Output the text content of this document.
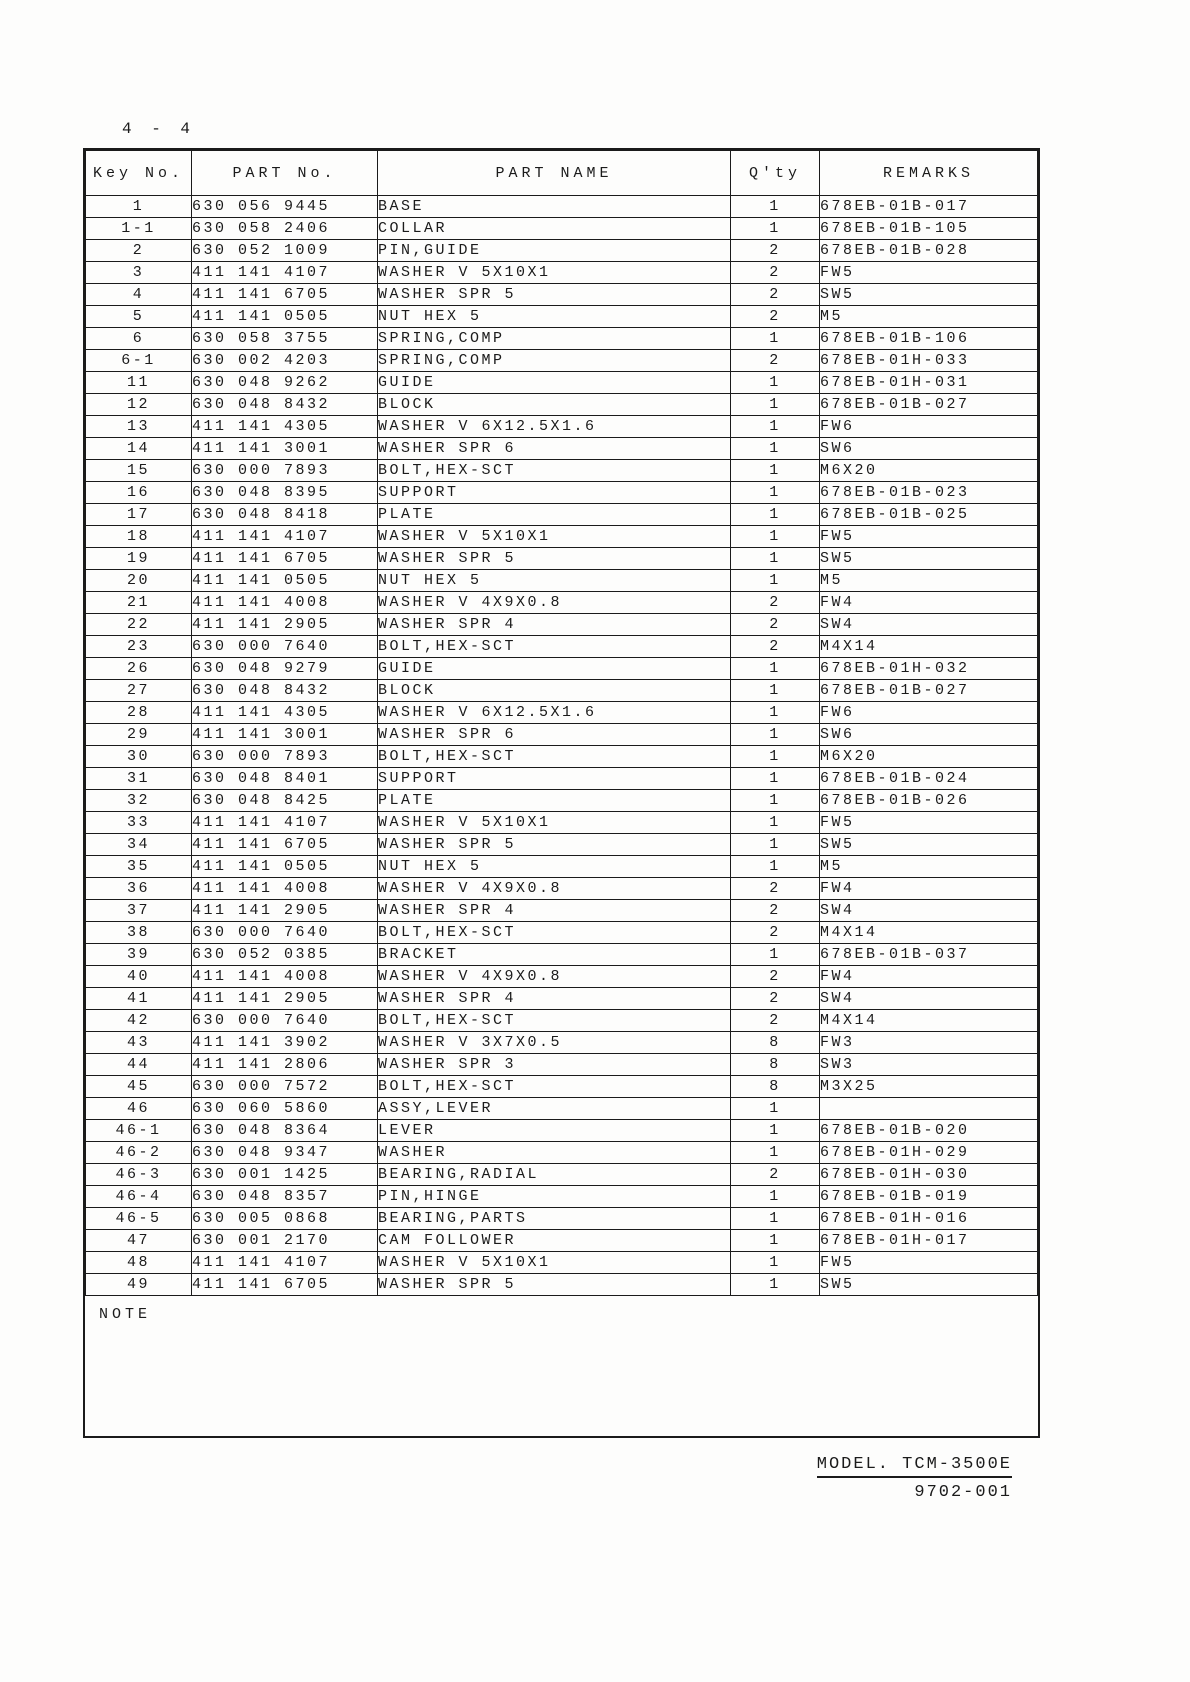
4 - 4
Key No.	PART No.	PART NAME	Q'ty	REMARKS
1	630 056 9445	BASE	1	678EB-01B-017
1-1	630 058 2406	COLLAR	1	678EB-01B-105
2	630 052 1009	PIN,GUIDE	2	678EB-01B-028
3	411 141 4107	WASHER V 5X10X1	2	FW5
4	411 141 6705	WASHER SPR 5	2	SW5
5	411 141 0505	NUT HEX 5	2	M5
6	630 058 3755	SPRING,COMP	1	678EB-01B-106
6-1	630 002 4203	SPRING,COMP	2	678EB-01H-033
11	630 048 9262	GUIDE	1	678EB-01H-031
12	630 048 8432	BLOCK	1	678EB-01B-027
13	411 141 4305	WASHER V 6X12.5X1.6	1	FW6
14	411 141 3001	WASHER SPR 6	1	SW6
15	630 000 7893	BOLT,HEX-SCT	1	M6X20
16	630 048 8395	SUPPORT	1	678EB-01B-023
17	630 048 8418	PLATE	1	678EB-01B-025
18	411 141 4107	WASHER V 5X10X1	1	FW5
19	411 141 6705	WASHER SPR 5	1	SW5
20	411 141 0505	NUT HEX 5	1	M5
21	411 141 4008	WASHER V 4X9X0.8	2	FW4
22	411 141 2905	WASHER SPR 4	2	SW4
23	630 000 7640	BOLT,HEX-SCT	2	M4X14
26	630 048 9279	GUIDE	1	678EB-01H-032
27	630 048 8432	BLOCK	1	678EB-01B-027
28	411 141 4305	WASHER V 6X12.5X1.6	1	FW6
29	411 141 3001	WASHER SPR 6	1	SW6
30	630 000 7893	BOLT,HEX-SCT	1	M6X20
31	630 048 8401	SUPPORT	1	678EB-01B-024
32	630 048 8425	PLATE	1	678EB-01B-026
33	411 141 4107	WASHER V 5X10X1	1	FW5
34	411 141 6705	WASHER SPR 5	1	SW5
35	411 141 0505	NUT HEX 5	1	M5
36	411 141 4008	WASHER V 4X9X0.8	2	FW4
37	411 141 2905	WASHER SPR 4	2	SW4
38	630 000 7640	BOLT,HEX-SCT	2	M4X14
39	630 052 0385	BRACKET	1	678EB-01B-037
40	411 141 4008	WASHER V 4X9X0.8	2	FW4
41	411 141 2905	WASHER SPR 4	2	SW4
42	630 000 7640	BOLT,HEX-SCT	2	M4X14
43	411 141 3902	WASHER V 3X7X0.5	8	FW3
44	411 141 2806	WASHER SPR 3	8	SW3
45	630 000 7572	BOLT,HEX-SCT	8	M3X25
46	630 060 5860	ASSY,LEVER	1	
46-1	630 048 8364	LEVER	1	678EB-01B-020
46-2	630 048 9347	WASHER	1	678EB-01H-029
46-3	630 001 1425	BEARING,RADIAL	2	678EB-01H-030
46-4	630 048 8357	PIN,HINGE	1	678EB-01B-019
46-5	630 005 0868	BEARING,PARTS	1	678EB-01H-016
47	630 001 2170	CAM FOLLOWER	1	678EB-01H-017
48	411 141 4107	WASHER V 5X10X1	1	FW5
49	411 141 6705	WASHER SPR 5	1	SW5
NOTE
MODEL. TCM-3500E
9702-001
